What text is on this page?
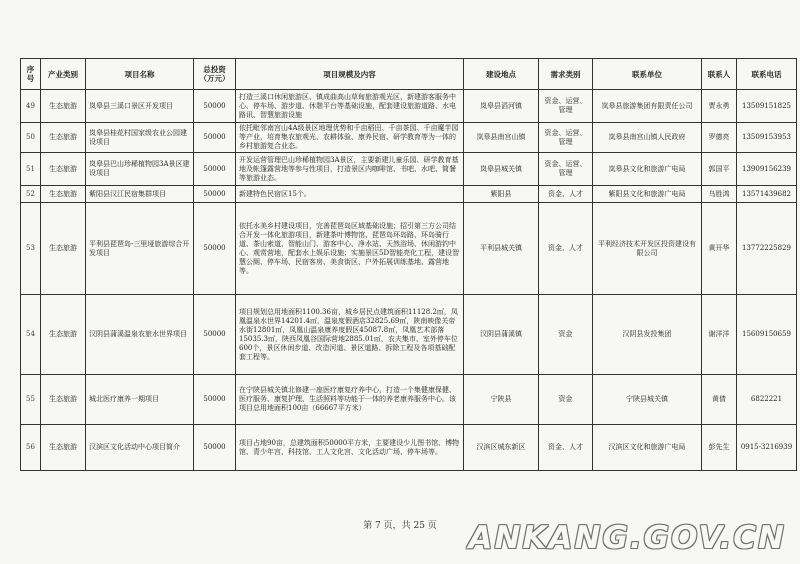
序号	产业类别	项目名称	总投资（万元）	项目规模及内容	建设地点	需求类别	联系单位	联系人	联系电话
49	生态旅游	岚皋县三溪口景区开发项目	50000	打造三溪口休闲旅游区、镇成曲高山草甸旅游观光区，新建游客服务中心、停车场、游步道、休憩平台等基础设施，配套建设旅游道路、水电路讯、智慧旅游设施	岚皋县滔河镇	资金、运营、管理	岚皋县旅游集团有限责任公司	贾永勇	13509151825
50	生态旅游	岚皋县桂花村国家级农业公园建设项目	50000	依托毗邻南宫山4A级景区地理优势和千亩稻田、千亩茶园、千亩魔芋园等产业，培育集农旅观光、农耕体验、康养民宿、研学教育等为一体的乡村旅游复合业态。	岚皋县南宫山镇	资金、运营、管理	岚皋县南宫山镇人民政府	罗德亮	13509153953
51	生态旅游	岚皋县巴山珍稀植物园3A景区建设项目	50000	开发运营管理巴山珍稀植物园3A景区，主要新建儿童乐园、研学教育基地及帐篷露营地等参与性项目，打造景区内咖啡馆、书吧、水吧、简餐等旅游业态。	岚皋县城关镇	资金、运营、管理	岚皋县文化和旅游广电局	郭国平	13909156239
52	生态旅游	紫阳县汉江民宿集群项目	50000	新建特色民宿区15个。	紫阳县	资金、人才	紫阳县文化和旅游广电局	乌胜鸿	13571439682
53	生态旅游	平利县琵琶岛-三里垭旅游综合开发项目	50000	依托水美乡村建设项目，完善琵琶岛区域基础设施；招引第三方公司结合开发一体化旅游项目，新建茶叶博物馆、琵琶岛环岛路、环岛骑行道、茶山索道、智能山门、游客中心、净水站、天然浴场、休闲游钓中心、观赏营地，配套水上娱乐设施；实施景区5D智能亮化工程，建设智慧公厕、停车场、民宿客房、美食街区、户外拓展训练基地、露营地等。	平利县城关镇	资金、人才	平利经济技术开发区投资建设有限公司	黄开华	13772225829
54	生态旅游	汉阴县蒲溪温泉农旅水世界项目	50000	项目规划总用地面积1100.36亩，城乡居民点建筑面积11128.2㎡，凤凰温泉水世界14201.4㎡，温泉度假酒店32825.69㎡，陕南映像关帝水街12801㎡，凤凰山温泉康养度假区45087.8㎡，凤凰艺术部落15035.3㎡，陕西凤凰谷国际营地2885.01㎡，农夫集市、室外停车位600个，景区休闲步道、改造河道、景区道路、拆除工程及各项基础配套工程等。	汉阴县蒲溪镇	资金	汉阴县发投集团	谢洋洋	15609150659
55	生态旅游	城北医疗康养一期项目	50000	在宁陕县城关镇北修建一座医疗康复疗养中心，打造一个集健康保健、医疗服务、康复护理、生活照料等功能于一体的养老康养服务中心。该项目总用地面积100亩（66667平方米）	宁陕县	资金	宁陕县城关镇	黄倩	6822221
56	生态旅游	汉滨区文化活动中心项目简介	50000	项目占地90亩，总建筑面积50000平方米，主要建设少儿图书馆、博物馆、青少年宫、科技馆、工人文化宫、文化活动广场、停车场等。	汉滨区城东新区	资金、人才	汉滨区文化和旅游广电局	彭先生	0915-3216939
第 7 页，共 25 页	ANKANG.GOV.CN
